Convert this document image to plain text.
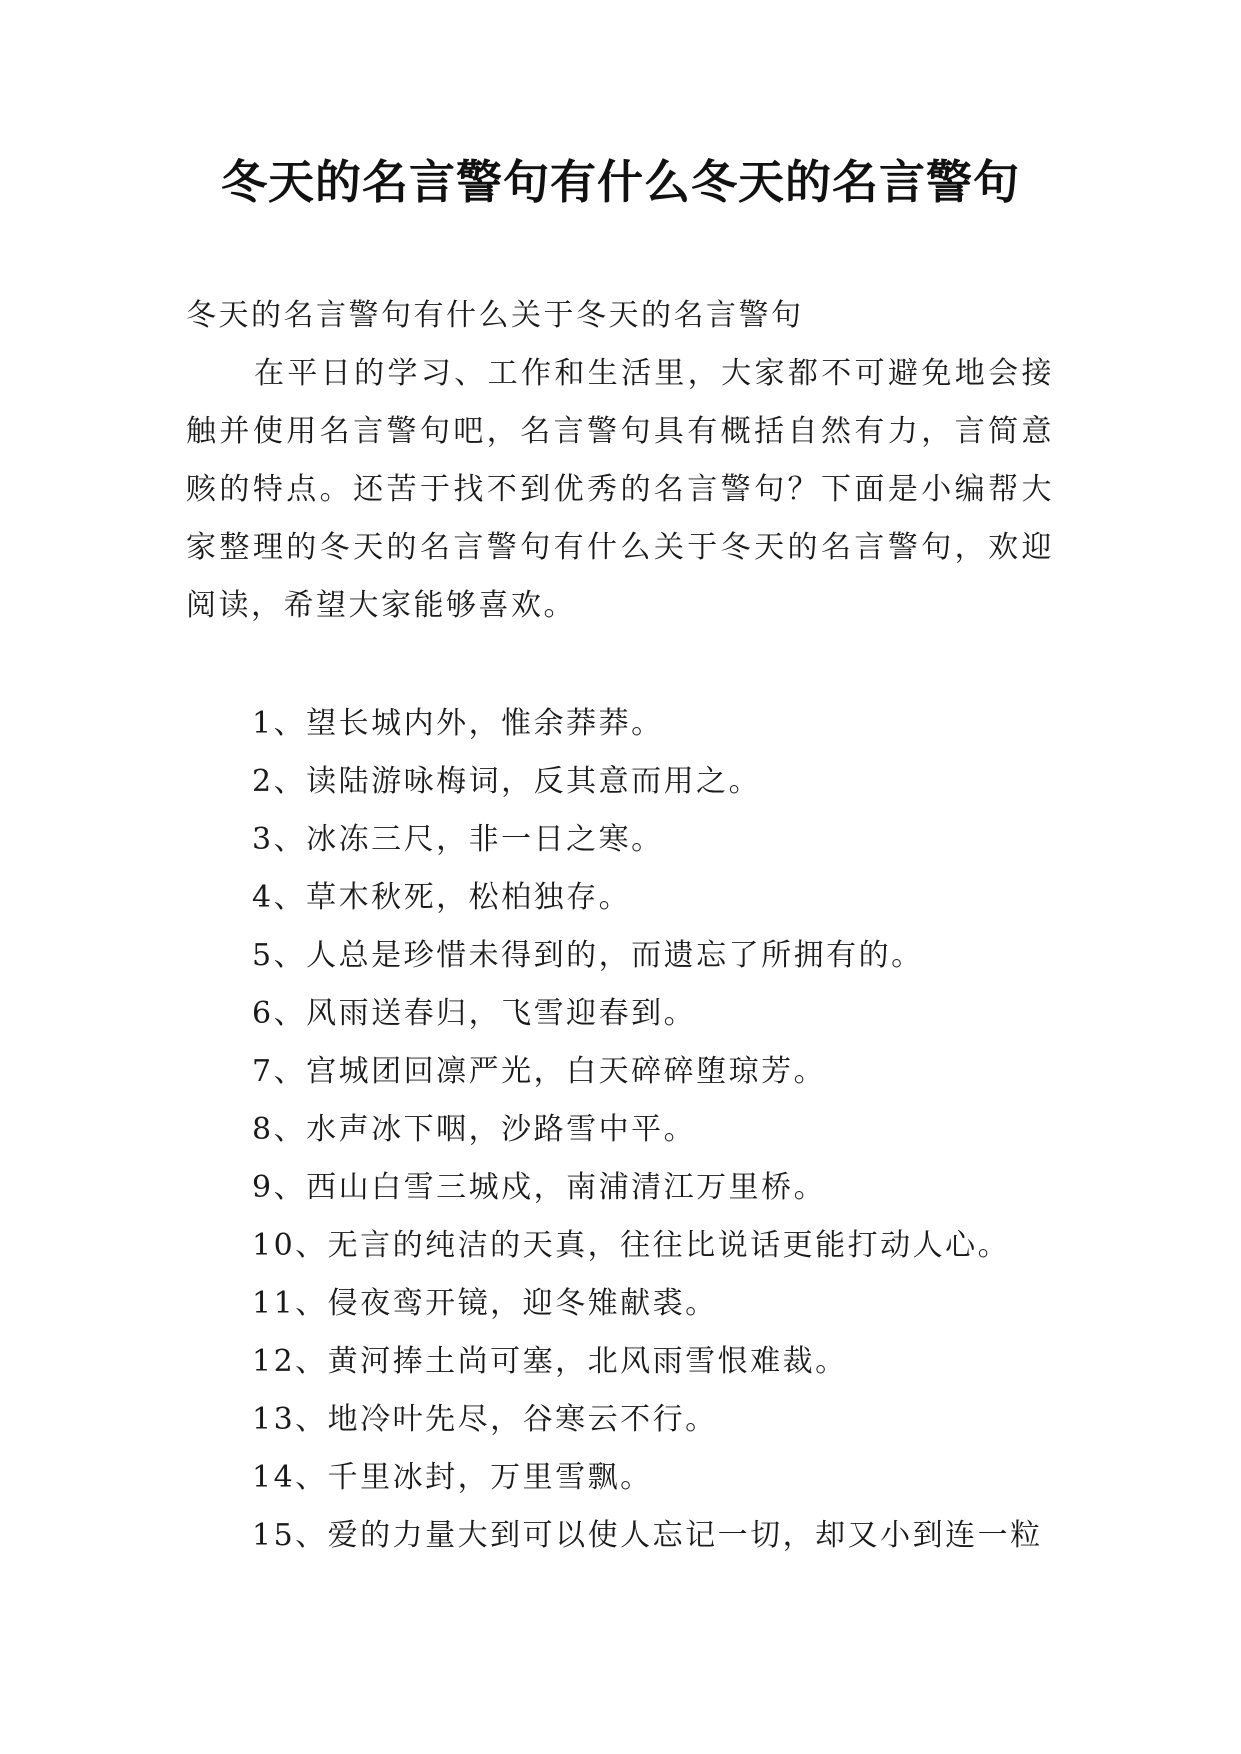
冬天的名言警句有什么冬天的名言警句

冬天的名言警句有什么关于冬天的名言警句

在平日的学习、工作和生活里，大家都不可避免地会接触并使用名言警句吧，名言警句具有概括自然有力，言简意赅的特点。还苦于找不到优秀的名言警句？下面是小编帮大家整理的冬天的名言警句有什么关于冬天的名言警句，欢迎阅读，希望大家能够喜欢。

1、望长城内外，惟余莽莽。
2、读陆游咏梅词，反其意而用之。
3、冰冻三尺，非一日之寒。
4、草木秋死，松柏独存。
5、人总是珍惜未得到的，而遗忘了所拥有的。
6、风雨送春归，飞雪迎春到。
7、宫城团回凛严光，白天碎碎堕琼芳。
8、水声冰下咽，沙路雪中平。
9、西山白雪三城戍，南浦清江万里桥。
10、无言的纯洁的天真，往往比说话更能打动人心。
11、侵夜鸾开镜，迎冬雉献裘。
12、黄河捧土尚可塞，北风雨雪恨难裁。
13、地冷叶先尽，谷寒云不行。
14、千里冰封，万里雪飘。
15、爱的力量大到可以使人忘记一切，却又小到连一粒
